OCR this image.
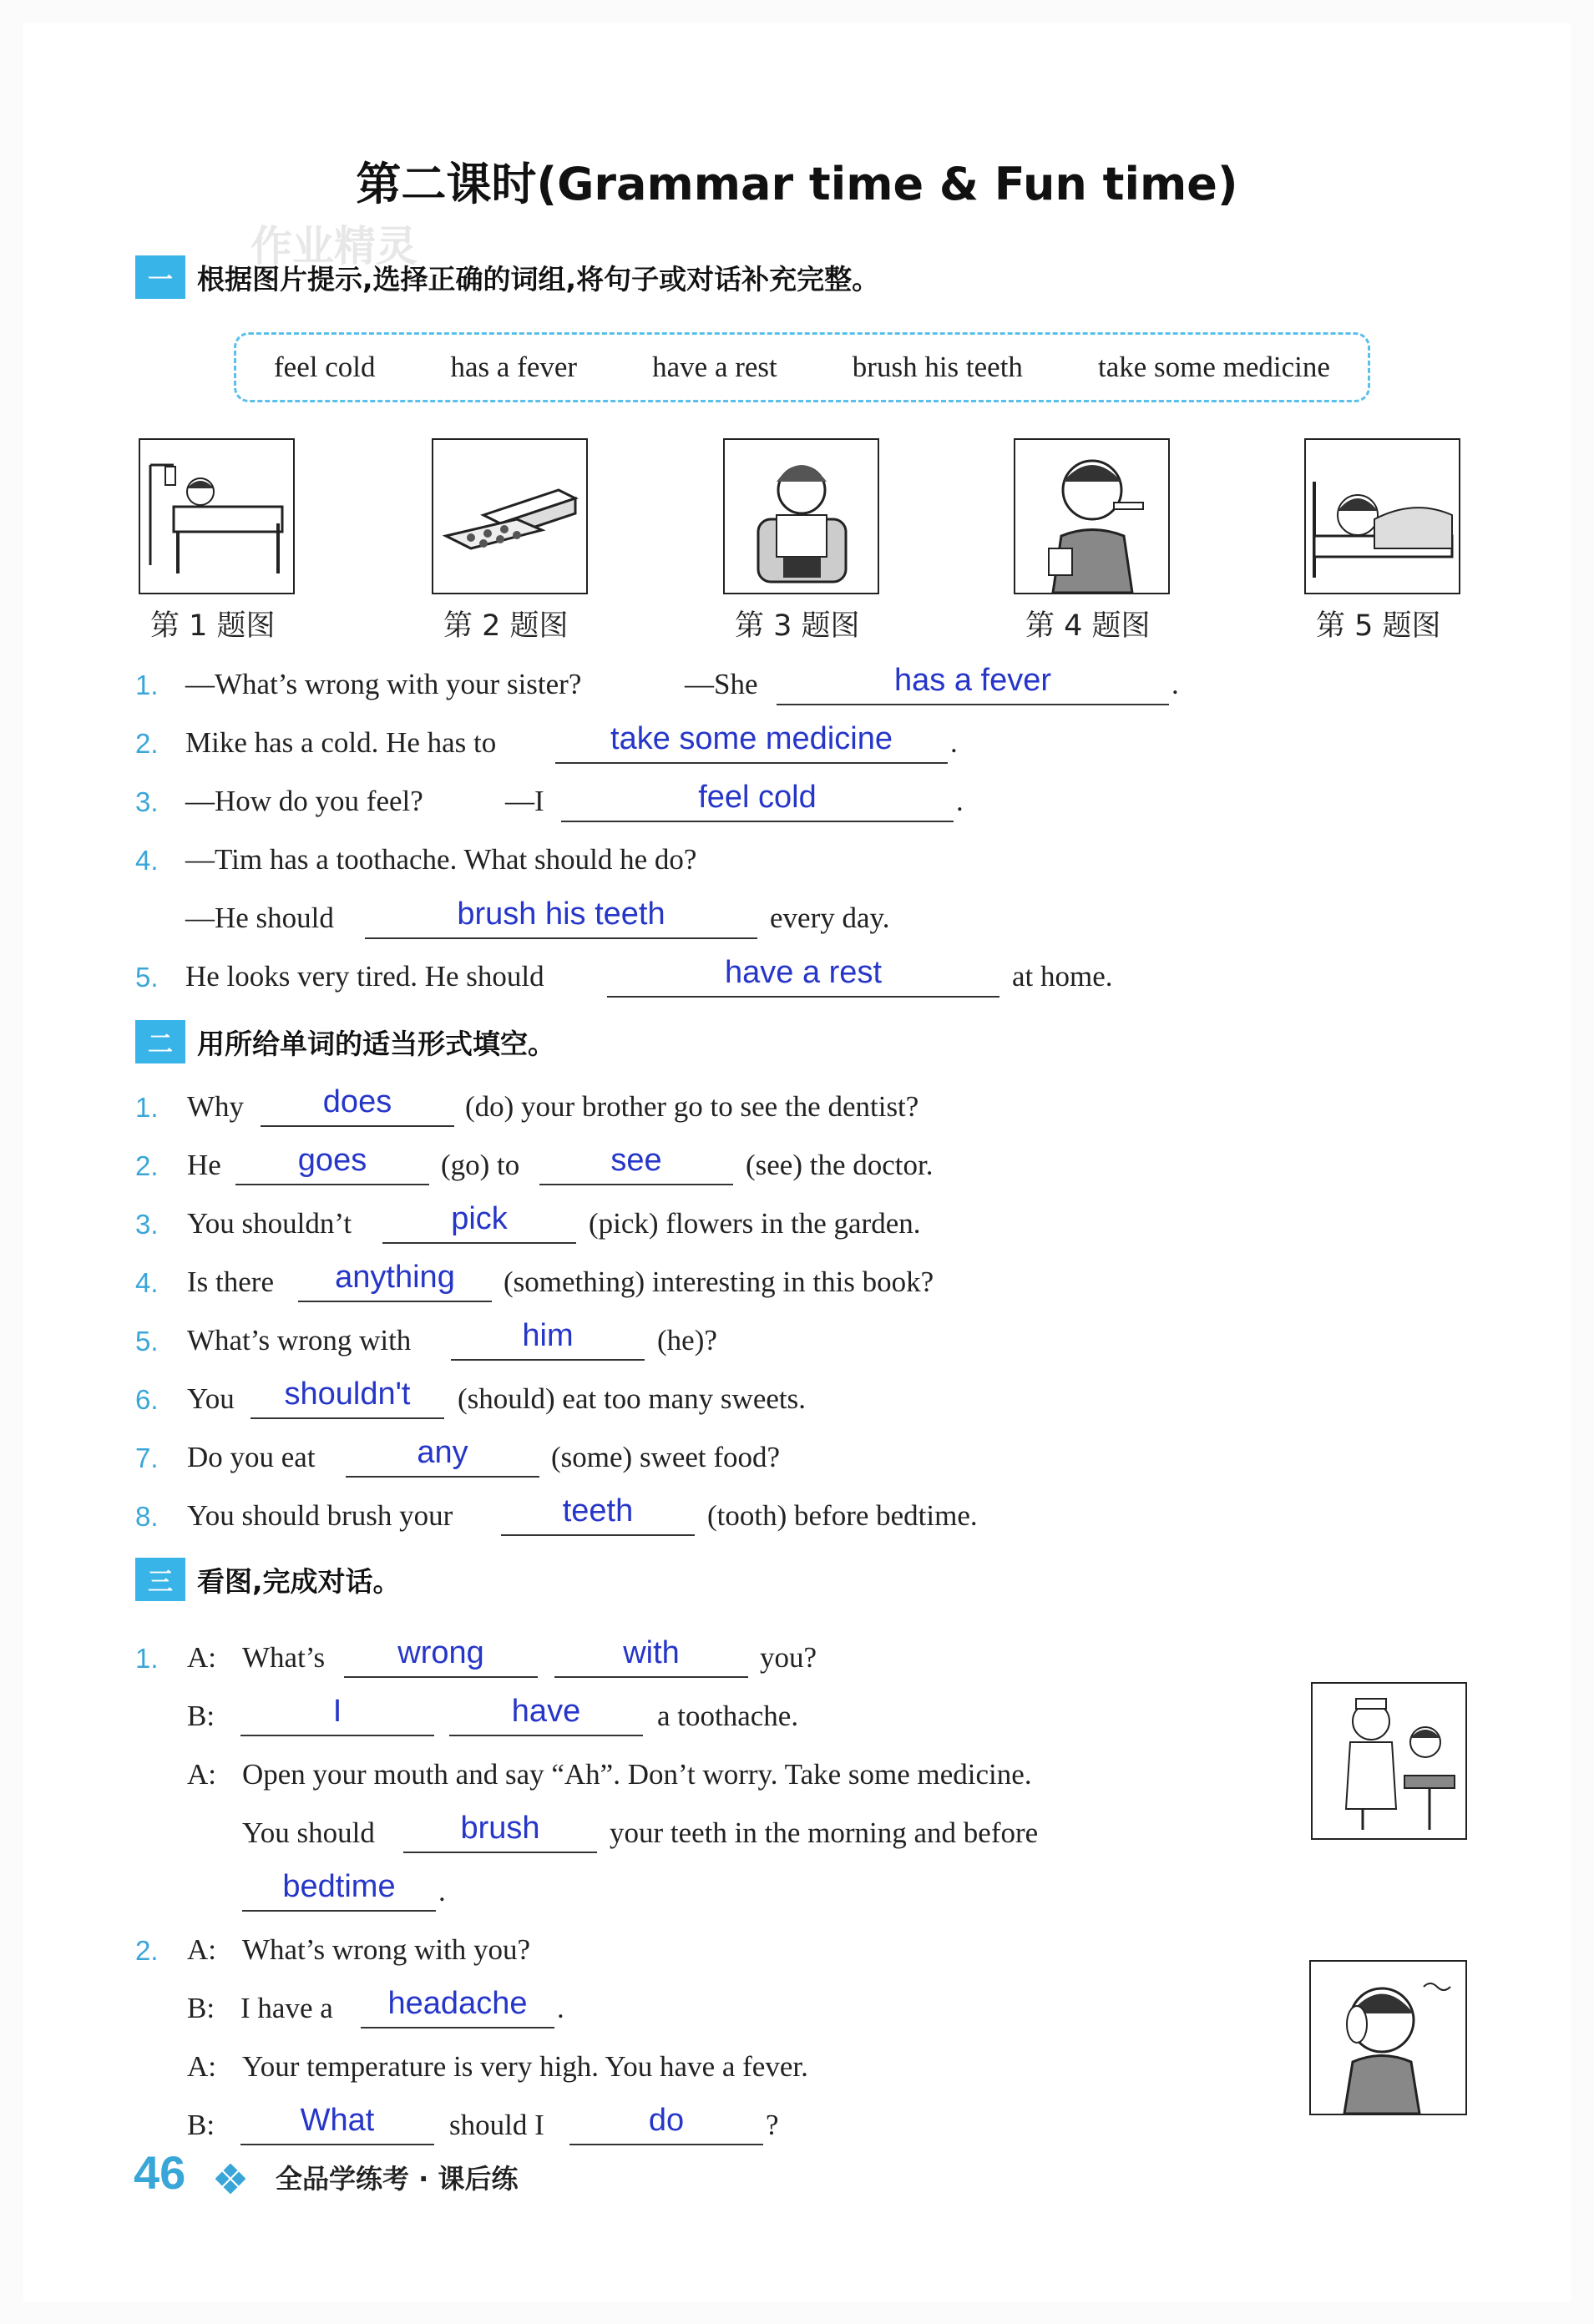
第二课时(Grammar time & Fun time)
作业精灵
一 根据图片提示,选择正确的词组,将句子或对话补充完整。
feel cold	has a fever	have a rest	brush his teeth	take some medicine
第 1 题图	第 2 题图	第 3 题图	第 4 题图	第 5 题图
1. —What’s wrong with your sister?	—She	has a fever	.
2. Mike has a cold. He has to	take some medicine	.
3. —How do you feel?	—I	feel cold	.
4. —Tim has a toothache. What should he do?
—He should	brush his teeth	every day.
5. He looks very tired. He should	have a rest	at home.
二 用所给单词的适当形式填空。
1. Why	does	(do) your brother go to see the dentist?
2. He	goes	(go) to	see	(see) the doctor.
3. You shouldn’t	pick	(pick) flowers in the garden.
4. Is there	anything	(something) interesting in this book?
5. What’s wrong with	him	(he)?
6. You	shouldn't	(should) eat too many sweets.
7. Do you eat	any	(some) sweet food?
8. You should brush your	teeth	(tooth) before bedtime.
三 看图,完成对话。
1. A: What’s	wrong	with	you?
B:	I	have	a toothache.
A: Open your mouth and say “Ah”. Don’t worry. Take some medicine.
You should	brush	your teeth in the morning and before
bedtime	.
2. A: What’s wrong with you?
B: I have a	headache	.
A: Your temperature is very high. You have a fever.
B:	What	should I	do	?
46	全品学练考 · 课后练
